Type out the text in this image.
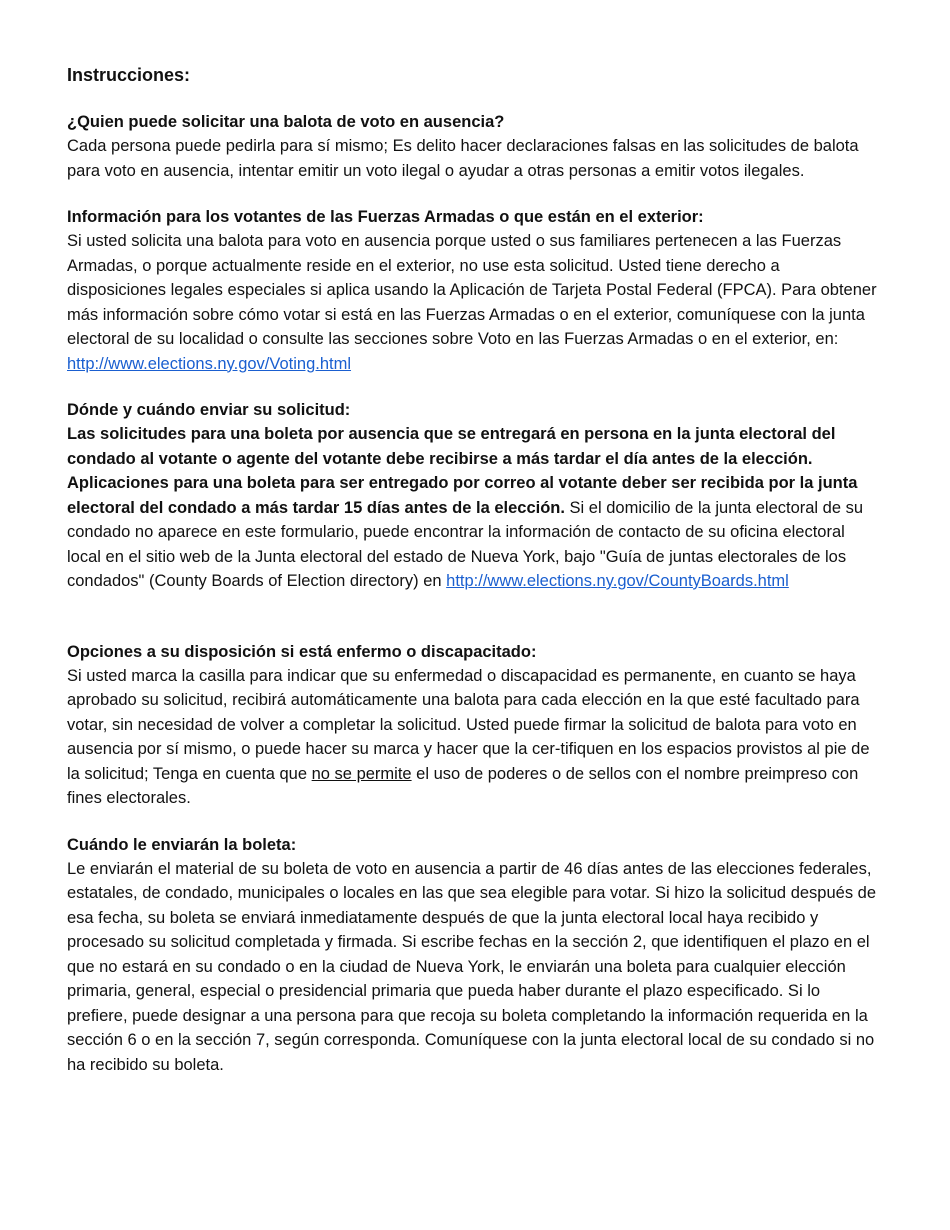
Instrucciones:

¿Quien puede solicitar una balota de voto en ausencia?

Cada persona puede pedirla para sí mismo; Es delito hacer declaraciones falsas en las solicitudes de balota para voto en ausencia, intentar emitir un voto ilegal o ayudar a otras personas a emitir votos ilegales.

Información para los votantes de las Fuerzas Armadas o que están en el exterior:

Si usted solicita una balota para voto en ausencia porque usted o sus familiares pertenecen a las Fuerzas Armadas, o porque actualmente reside en el exterior, no use esta solicitud. Usted tiene derecho a disposiciones legales especiales si aplica usando la Aplicación de Tarjeta Postal Federal (FPCA). Para obtener más información sobre cómo votar si está en las Fuerzas Armadas o en el exterior, comuníquese con la junta electoral de su localidad o consulte las secciones sobre Voto en las Fuerzas Armadas o en el exterior, en: http://www.elections.ny.gov/Voting.html

Dónde y cuándo enviar su solicitud:

Las solicitudes para una boleta por ausencia que se entregará en persona en la junta electoral del condado al votante o agente del votante debe recibirse a más tardar el día antes de la elección. Aplicaciones para una boleta para ser entregado por correo al votante deber ser recibida por la junta electoral del condado a más tardar 15 días antes de la elección. Si el domicilio de la junta electoral de su condado no aparece en este formulario, puede encontrar la información de contacto de su oficina electoral local en el sitio web de la Junta electoral del estado de Nueva York, bajo "Guía de juntas electorales de los condados" (County Boards of Election directory) en http://www.elections.ny.gov/CountyBoards.html

Opciones a su disposición si está enfermo o discapacitado:

Si usted marca la casilla para indicar que su enfermedad o discapacidad es permanente, en cuanto se haya aprobado su solicitud, recibirá automáticamente una balota para cada elección en la que esté facultado para votar, sin necesidad de volver a completar la solicitud. Usted puede firmar la solicitud de balota para voto en ausencia por sí mismo, o puede hacer su marca y hacer que la cer-tifiquen en los espacios provistos al pie de la solicitud; Tenga en cuenta que no se permite el uso de poderes o de sellos con el nombre preimpreso con fines electorales.

Cuándo le enviarán la boleta:

Le enviarán el material de su boleta de voto en ausencia a partir de 46 días antes de las elecciones federales, estatales, de condado, municipales o locales en las que sea elegible para votar. Si hizo la solicitud después de esa fecha, su boleta se enviará inmediatamente después de que la junta electoral local haya recibido y procesado su solicitud completada y firmada. Si escribe fechas en la sección 2, que identifiquen el plazo en el que no estará en su condado o en la ciudad de Nueva York, le enviarán una boleta para cualquier elección primaria, general, especial o presidencial primaria que pueda haber durante el plazo especificado. Si lo prefiere, puede designar a una persona para que recoja su boleta completando la información requerida en la sección 6 o en la sección 7, según corresponda. Comuníquese con la junta electoral local de su condado si no ha recibido su boleta.
